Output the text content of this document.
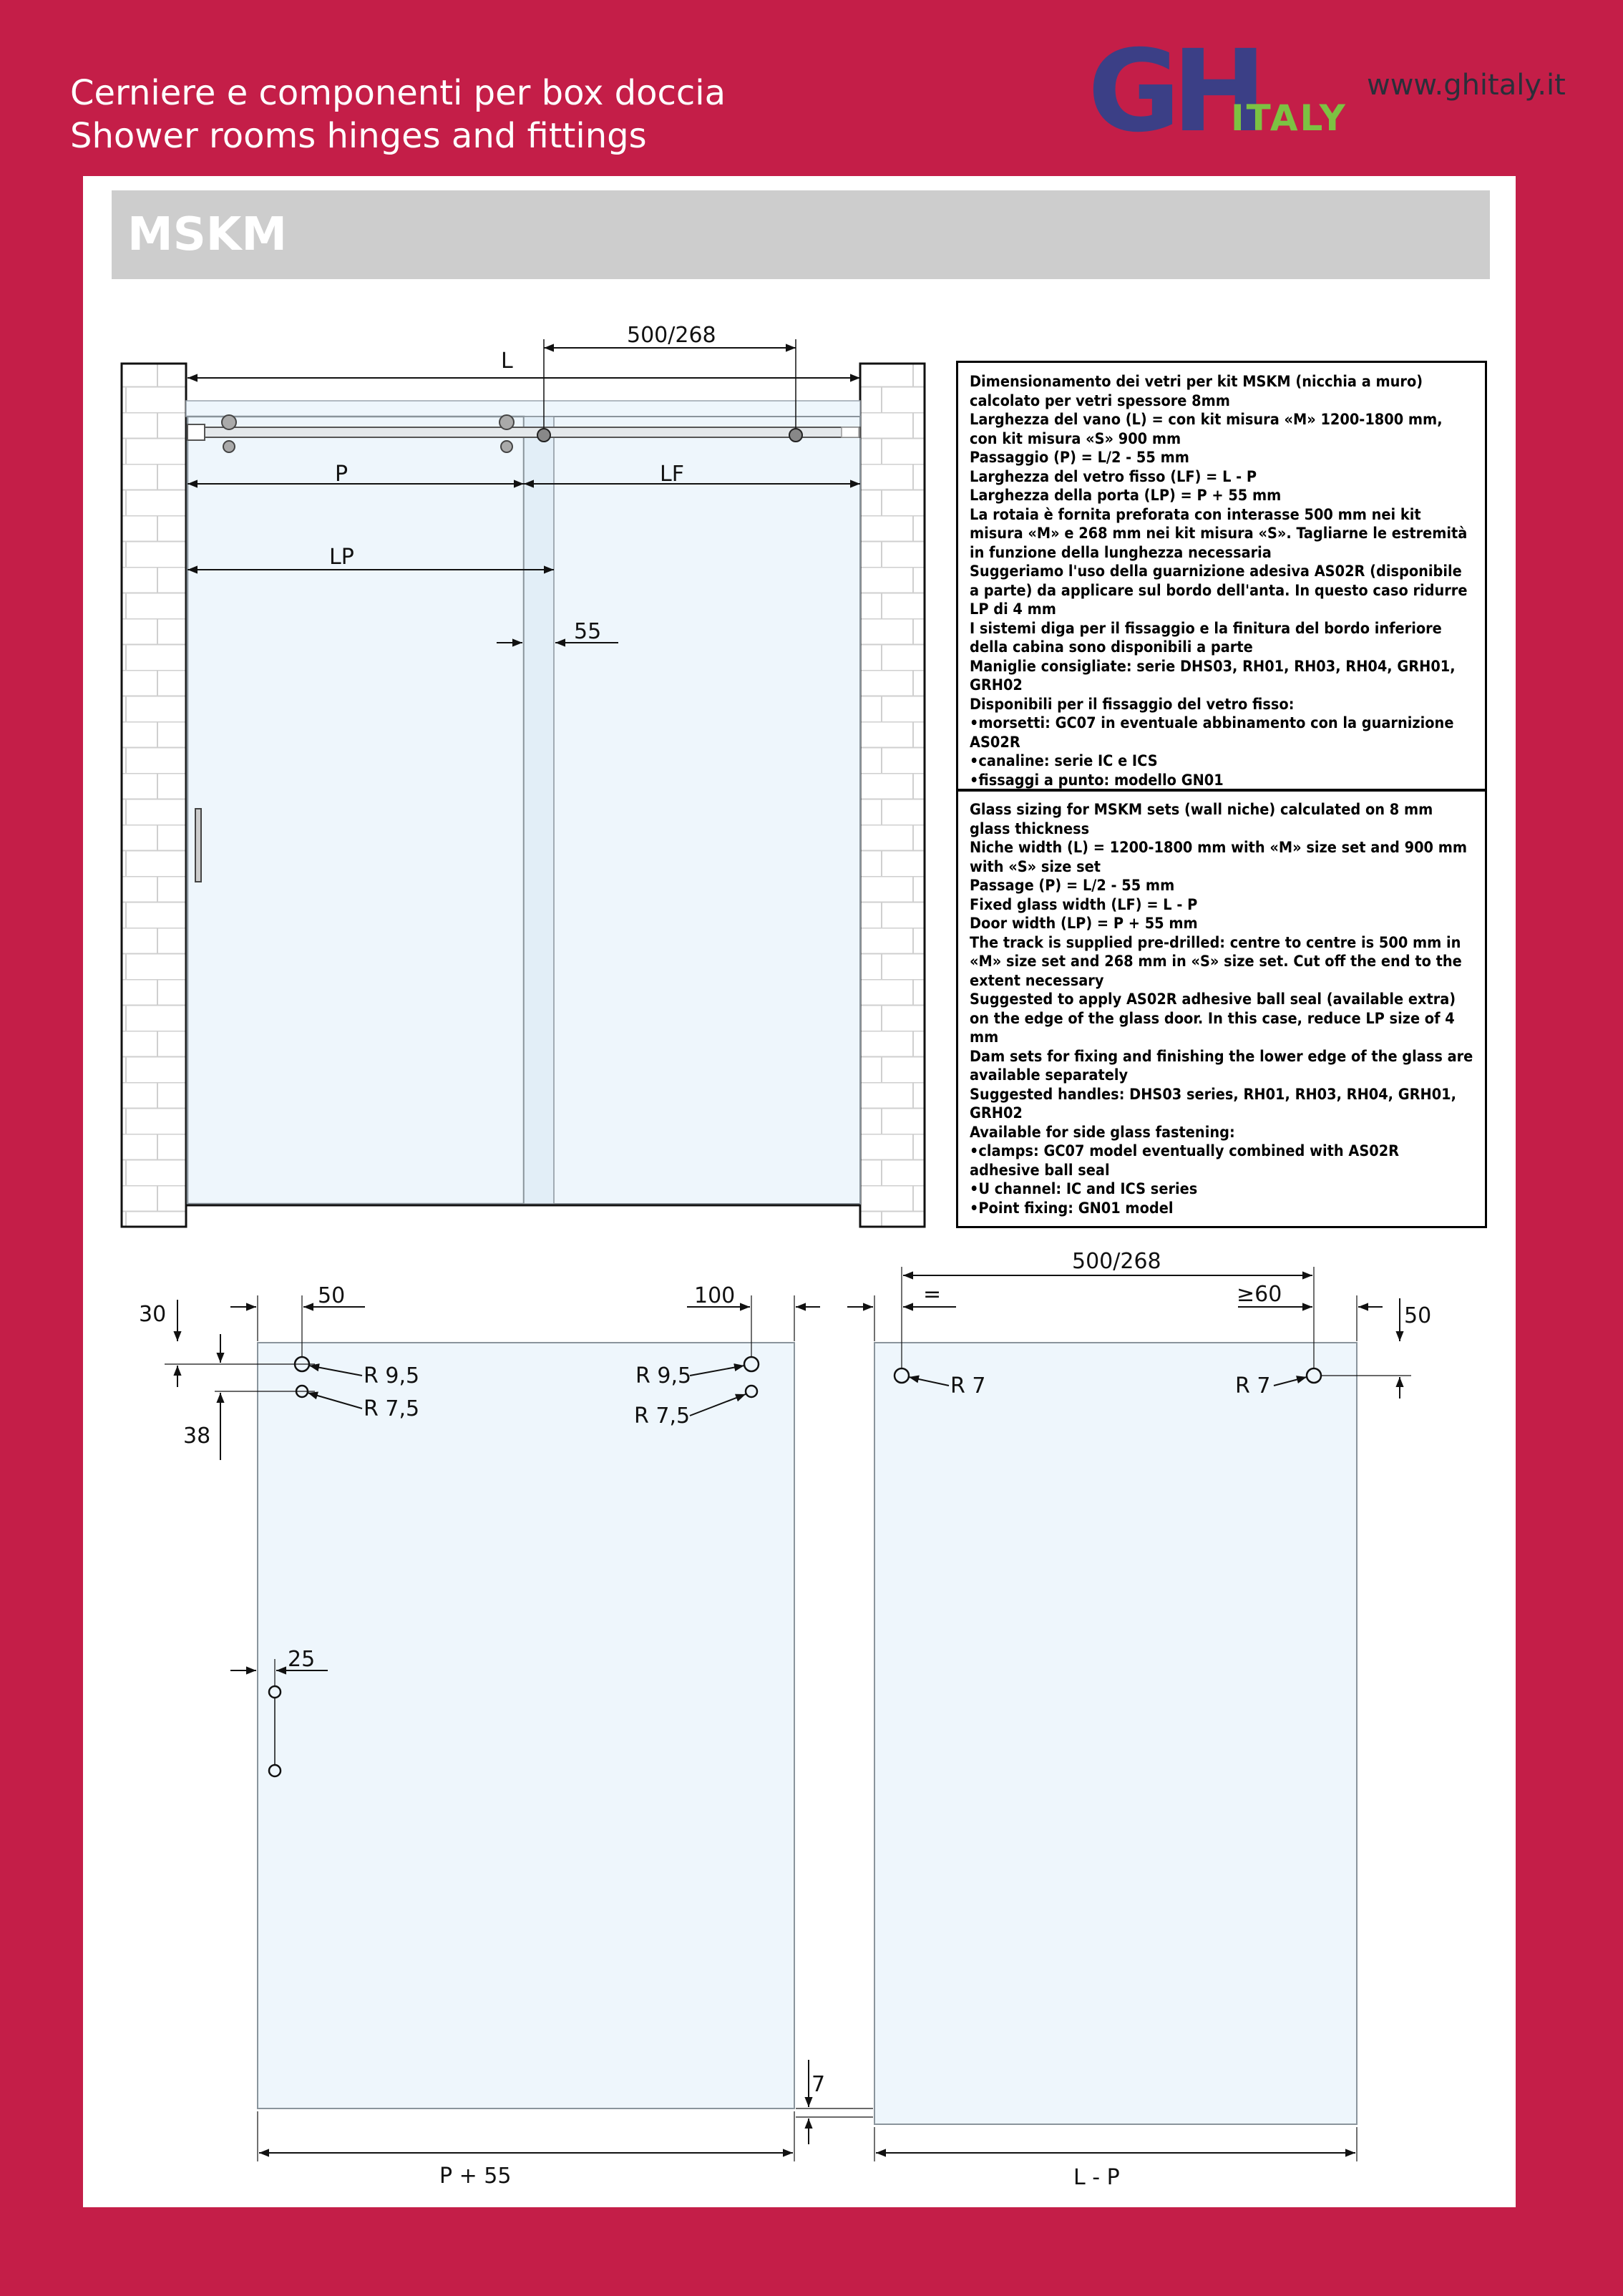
Cerniere e componenti per box doccia
Shower rooms hinges and fittings	GH
ITALY
www.ghitaly.it
MSKM

Dimensionamento dei vetri per kit MSKM (nicchia a muro) calcolato per vetri spessore 8mm

Larghezza del vano (L) = con kit misura «M» 1200-1800 mm, con kit misura «S» 900 mm

Passaggio (P) = L/2 - 55 mm

Larghezza del vetro fisso (LF) = L - P

Larghezza della porta (LP) = P + 55 mm

La rotaia è fornita preforata con interasse 500 mm nei kit misura «M» e 268 mm nei kit misura «S». Tagliarne le estremità in funzione della lunghezza necessaria

Suggeriamo l'uso della guarnizione adesiva AS02R (disponibile a parte) da applicare sul bordo dell'anta. In questo caso ridurre LP di 4 mm

I sistemi diga per il fissaggio e la finitura del bordo inferiore della cabina sono disponibili a parte

Maniglie consigliate: serie DHS03, RH01, RH03, RH04, GRH01, GRH02

Disponibili per il fissaggio del vetro fisso:

•morsetti: GC07 in eventuale abbinamento con la guarnizione AS02R

•canaline: serie IC e ICS

•fissaggi a punto: modello GN01

Glass sizing for MSKM sets (wall niche) calculated on 8 mm glass thickness

Niche width (L) = 1200-1800 mm with «M» size set and 900 mm with «S» size set

Passage (P) = L/2 - 55 mm

Fixed glass width (LF) = L - P

Door width (LP) = P + 55 mm

The track is supplied pre-drilled: centre to centre is 500 mm in «M» size set and 268 mm in «S» size set. Cut off the end to the extent necessary

Suggested to apply AS02R adhesive ball seal (available extra) on the edge of the glass door. In this case, reduce LP size of 4 mm

Dam sets for fixing and finishing the lower edge of the glass are available separately

Suggested handles: DHS03 series, RH01, RH03, RH04, GRH01, GRH02

Available for side glass fastening:

•clamps: GC07 model eventually combined with AS02R adhesive ball seal

•U channel: IC and ICS series

•Point fixing: GN01 model

500/268
L
P	LF
LP
55
30
38
50	100
R 9,5
R 7,5
R 9,5
R 7,5
25
7
P + 55
500/268
=	≥60
50
R 7	R 7
L - P
